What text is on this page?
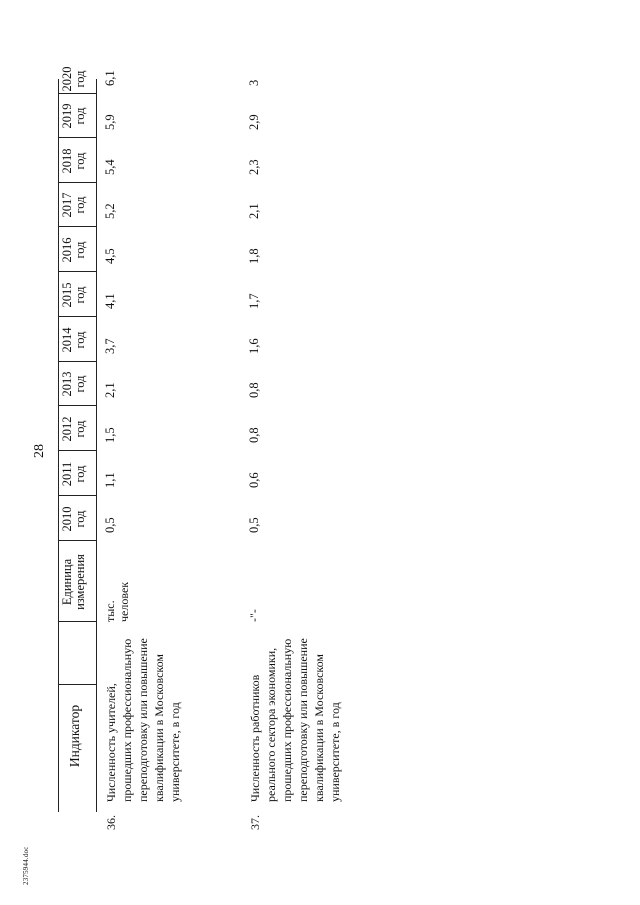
28
2375944.doc
Индикатор
Единица измерения
2010 год
2011 год
2012 год
2013 год
2014 год
2015 год
2016 год
2017 год
2018 год
2019 год
2020 год
36.
Численность учителей, прошедших профессиональную переподготовку или повышение квалификации в Московском университете, в год
тыс. человек
0,5
1,1
1,5
2,1
3,7
4,1
4,5
5,2
5,4
5,9
6,1
37.
Численность работников реального сектора экономики, прошедших профессиональную переподготовку или повышение квалификации в Московском университете, в год
-"-
0,5
0,6
0,8
0,8
1,6
1,7
1,8
2,1
2,3
2,9
3
